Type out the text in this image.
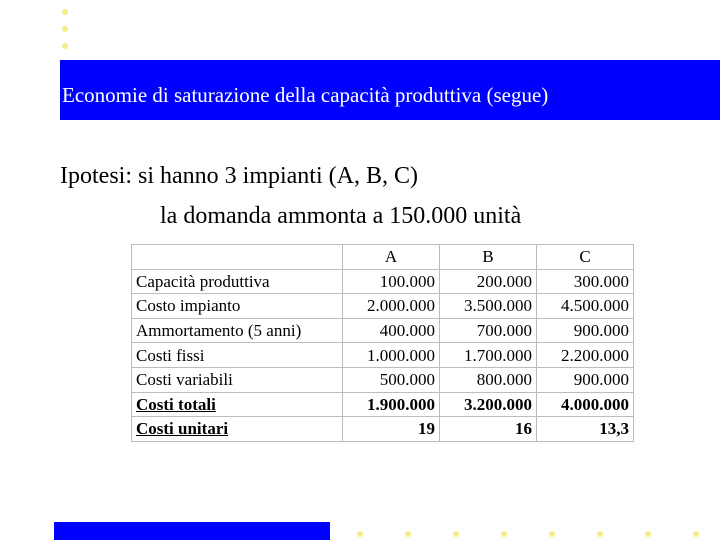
Economie di saturazione della capacità produttiva (segue)
Ipotesi: si hanno 3 impianti (A, B, C)
la domanda ammonta a 150.000 unità
	A	B	C
Capacità produttiva	100.000	200.000	300.000
Costo impianto	2.000.000	3.500.000	4.500.000
Ammortamento (5 anni)	400.000	700.000	900.000
Costi fissi	1.000.000	1.700.000	2.200.000
Costi variabili	500.000	800.000	900.000
Costi totali	1.900.000	3.200.000	4.000.000
Costi unitari	19	16	13,3
